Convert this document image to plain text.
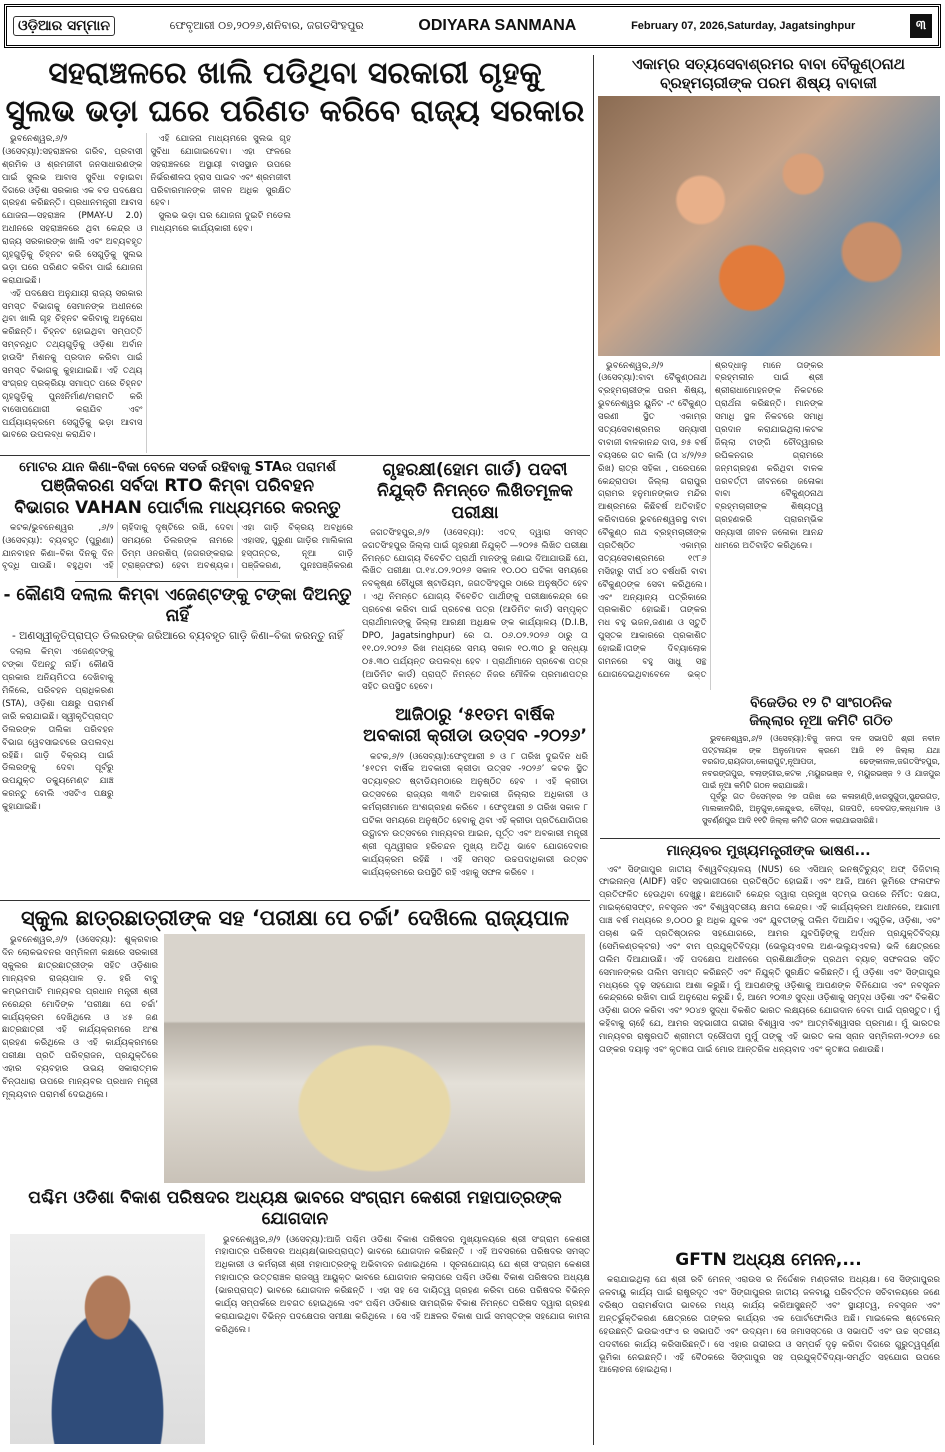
ଓଡ଼ିଆର ସମ୍ମାନ	ଫେବୃଆରୀ ୦୭,୨୦୨୬,ଶନିବାର, ଜଗତସିଂହପୁର	ODIYARA SANMANA	February 07, 2026,Saturday, Jagatsinghpur	୩
ସହରାଞ୍ଚଳରେ ଖାଲି ପଡିଥିବା ସରକାରୀ ଗୃହକୁ
ସୁଲଭ ଭଡ଼ା ଘରେ ପରିଣତ କରିବେ ରାଜ୍ୟ ସରକାର

ଭୁବନେଶ୍ୱର,୬/୨ (ଓସେବ୍ୟା):ସହରାଞ୍ଚଳର ଗରିବ, ପ୍ରବାସୀ ଶ୍ରମିକ ଓ ଶ୍ରମଜୀବୀ ଜନସାଧାରଣଙ୍କ ପାଇଁ ସୁଲଭ ଆବାସ ସୁବିଧା ବଢ଼ାଇବା ଦିଗରେ ଓଡ଼ିଶା ସରକାର ଏକ ବଡ ପଦକ୍ଷେପ ଗ୍ରହଣ କରିଛନ୍ତି। ପ୍ରଧାନମନ୍ତ୍ରୀ ଆବାସ ଯୋଜନା—ସହରାଞ୍ଚଳ (PMAY-U 2.0) ଅଧୀନରେ ସହରାଞ୍ଚଳରେ ଥିବା କେନ୍ଦ୍ର ଓ ରାଜ୍ୟ ସରକାରଙ୍କ ଖାଲି ଏବଂ ଅବ୍ୟବହୃତ ଗୃହଗୁଡ଼ିକୁ ଚିହ୍ନଟ କରି ସେଗୁଡ଼ିକୁ ସୁଲଭ ଭଡ଼ା ଘରେ ପରିଣତ କରିବା ପାଇଁ ଯୋଜନା କରାଯାଇଛି।

ଏହି ପଦକ୍ଷେପ ଅନୁଯାୟୀ ରାଜ୍ୟ ସରକାର ସମସ୍ତ ବିଭାଗକୁ ସେମାନଙ୍କ ଅଧୀନରେ ଥିବା ଖାଲି ଗୃହ ଚିହ୍ନଟ କରିବାକୁ ଅନୁରୋଧ କରିଛନ୍ତି। ଚିହ୍ନଟ ହୋଇଥିବା ସମ୍ପତ୍ତି ସମ୍ବନ୍ଧିତ ତଥ୍ୟଗୁଡ଼ିକୁ ଓଡ଼ିଶା ଅର୍ବାନ ହାଉସିଂ ମିଶନକୁ ପ୍ରଦାନ କରିବା ପାଇଁ ସମସ୍ତ ବିଭାଗକୁ କୁହାଯାଇଛି। ଏହି ତଥ୍ୟ ସଂଗ୍ରହ ପ୍ରକ୍ରିୟା ସମାପ୍ତ ପରେ ଚିହ୍ନଟ ଗୃହଗୁଡ଼ିକୁ ପୁନଃନିର୍ମାଣ/ମରାମତି କରି ବାସୋପଯୋଗୀ କରାଯିବ ଏବଂ ପର୍ଯ୍ୟାୟକ୍ରମେ ସେଗୁଡ଼ିକୁ ଭଡ଼ା ଆବାସ ଭାବରେ ଉପଲବ୍ଧ କରାଯିବ।

ଏହି ଯୋଜନା ମାଧ୍ୟମରେ ସୁଲଭ ଗୃହ ସୁବିଧା ଯୋଗାଇଦେବା। ଏହା ଫଳରେ ସହରାଞ୍ଚଳରେ ଅସ୍ଥାୟୀ ବାସସ୍ଥାନ ଉପରେ ନିର୍ଭରଶୀଳତା ହ୍ରାସ ପାଇବ ଏବଂ ଶ୍ରମଜୀବୀ ପରିବାରମାନଙ୍କ ଜୀବନ ଅଧିକ ସୁରକ୍ଷିତ ହେବ।

ସୁଲଭ ଭଡ଼ା ଘର ଯୋଜନା ଦୁଇଟି ମଡେଲ ମାଧ୍ୟମରେ କାର୍ଯ୍ୟକାରୀ ହେବ।

ମୋଟର ଯାନ କିଣା–ବିକା ବେଳେ ସତର୍କ ରହିବାକୁ STAର ପରାମର୍ଶ
ପଞ୍ଜିକରଣ ସର୍ବଦା RTO କିମ୍ବା ପରିବହନ
ବିଭାଗର VAHAN ପୋର୍ଟାଲ ମାଧ୍ୟମରେ କରନ୍ତୁ

କଟକ/ଭୁବନେଶ୍ୱର ,୬/୨ (ଓସେବ୍ୟା): ବ୍ୟବହୃତ (ପୁରୁଣା) ଯାନବାହନ କିଣା–ବିକା ଦିନକୁ ଦିନ ବୃଦ୍ଧି ପାଉଛି। ବହୁଥିବା ଏହି ଚାହିଦାକୁ ଦୃଷ୍ଟିରେ ରଖି, ଦେବା ସମୟରେ ଡିଲରଙ୍କ ନାମରେ ଡିମ୍ମ ଓନରଶିପ୍ (ଜଗରଙ୍କରାଇ ଟ୍ରାଞ୍ଜଫର) ହେବା ଅବଶ୍ୟକ। ଏହା ଗାଡ଼ି ବିକ୍ରୟ ଅବଧିରେ ଏହାସହ, ପୁରୁଣା ଗାଡ଼ିର ମାଲିକାନା ହସ୍ତାନ୍ତର, ନୂଆ ଗାଡ଼ି ପଞ୍ଜିକରଣ, ପୁନଃପଞ୍ଜିକରଣ

- କୌଣସି ଦଲାଲ କିମ୍ବା ଏଜେଣ୍ଟଙ୍କୁ ଟଙ୍କା ଦିଅନ୍ତୁ ନାହିଁ
- ଅଣସ୍ୱୀକୃତିପ୍ରାପ୍ତ ଡିଲରଙ୍କ ଜରିଆରେ ବ୍ୟବହୃତ ଗାଡ଼ି କିଣା–ବିକା କରନ୍ତୁ ନାହିଁ

ଦଲାଲ କିମ୍ବା ଏଜେଣ୍ଟଙ୍କୁ ଟଙ୍କା ଦିଅନ୍ତୁ ନାହିଁ। କୌଣସି ପ୍ରକାର ଅନିୟମିତତା ଦେଖିବାକୁ ମିଳିଲେ, ପରିବହନ ପ୍ରାଧିକରଣ (STA), ଓଡ଼ିଶା ପକ୍ଷରୁ ପରାମର୍ଶ ଜାରି କରାଯାଇଛି। ସ୍ୱୀକୃତିପ୍ରାପ୍ତ ଡିଲରଙ୍କ ତାଲିକା ପରିବହନ ବିଭାଗ ୱେବସାଇଟରେ ଉପଲବ୍ଧ ରହିଛି। ଗାଡ଼ି ବିକ୍ରୟ ପାଇଁ ଡିଲରଙ୍କୁ ଦେବା ପୂର୍ବରୁ ଉପଯୁକ୍ତ ଡକ୍ୟୁମେଣ୍ଟ ଯାଞ୍ଚ କରନ୍ତୁ ବୋଲି ଏସଟିଏ ପକ୍ଷରୁ କୁହାଯାଇଛି।

ଗୃହରକ୍ଷୀ(ହୋମ ଗାର୍ଡ) ପଦବୀ
ନିଯୁକ୍ତି ନିମନ୍ତେ ଲିଖିତମୂଳକ ପରୀକ୍ଷା

ଜଗତସିଂହପୁର,୬/୨ (ଓସେବ୍ୟା): ଏତଦ୍ ଦ୍ୱାରା ସମସ୍ତ ଜଗତସିଂହପୁର ଜିଲ୍ଲା ପାଇଁ ଗୃହରକ୍ଷୀ ନିଯୁକ୍ତି —୨୦୨୫ ଲିଖିତ ପରୀକ୍ଷା ନିମନ୍ତେ ଯୋଗ୍ୟ ବିବେଚିତ ପ୍ରାର୍ଥୀ ମାନଙ୍କୁ ଜଣାଇ ଦିଆଯାଉଛି ଯେ, ଲିଖିତ ପରୀକ୍ଷା ତା.୧୪.୦୨.୨୦୨୬ ସକାଳ ୧୦.୦୦ ଘଟିକା ସମୟରେ ନବକୃଷ୍ଣ ଚୌଧୁରୀ ଷ୍ଟାଡିୟମ, ଜଗତସିଂହପୁର ଠାରେ ଅନୁଷ୍ଠିତ ହେବ । ଏଥି ନିମନ୍ତେ ଯୋଗ୍ୟ ବିବେଚିତ ପାର୍ଥୀଙ୍କୁ ପରୀକ୍ଷାକେନ୍ଦ୍ର ରେ ପ୍ରବେଶ କରିବା ପାଇଁ ପ୍ରବେଶ ପତ୍ର (ଆଡିମିଟ କାର୍ଡ) ସମ୍ପୃକ୍ତ ପ୍ରାର୍ଥୀମାନଙ୍କୁ ଜିଲ୍ଲା ଆରକ୍ଷୀ ଅଧିକ୍ଷକ ଙ୍କ କାର୍ଯ୍ୟାଳୟ (D.I.B, DPO, Jagatsinghpur) ରେ ତା. ୦୬.୦୨.୨୦୨୬ ଠାରୁ ତା ୧୧.୦୨.୨୦୨୬ ରିଖ ମଧ୍ୟରେ ସମୟ ସକାଳ ୧୦.୩୦ ରୁ ସନ୍ଧ୍ୟା ୦୫.୩୦ ପର୍ଯ୍ୟନ୍ତ ଉପଲବ୍ଧ ହେବ । ପ୍ରାର୍ଥୀମାନେ ପ୍ରବେଶ ପତ୍ର (ଆଡିମିଟ କାର୍ଡ) ପ୍ରାପ୍ତି ନିମନ୍ତେ ନିଜର ମୌଳିକ ପ୍ରମାଣପତ୍ର ସହିତ ଉପସ୍ଥିତ ହେବେ।

ଆଜିଠାରୁ ‘୫୧ତମ ବାର୍ଷିକ
ଅବକାରୀ କ୍ରୀଡା ଉତ୍ସବ -୨୦୨୬’

କଟକ,୬/୨ (ଓସେବ୍ୟା):ଫେବୃଆରୀ ୭ ଓ ୮ ତାରିଖ ଦୁଇଦିନ ଧରି ‘୫୧ତମ ବାର୍ଷିକ ଅବକାରୀ କ୍ରୀଡା ଉତ୍ସବ -୨୦୨୬’ କଟକ ସ୍ଥିତ ସତ୍ୟାବ୍ରତ ଷ୍ଟାଡିୟମଠାରେ ଅନୁଷ୍ଠିତ ହେବ । ଏହି କ୍ରୀଡା ଉତ୍ସବରେ ରାଜ୍ୟର ୩୩ଟି ଅବକାରୀ ଜିଲ୍ଲାର ଅଧିକାରୀ ଓ କର୍ମଚାରୀମାନେ ଅଂଶଗ୍ରହଣ କରିବେ । ଫେବୃଆରୀ ୭ ତାରିଖ ସକାଳ ୮ ଘଟିକା ସମୟରେ ଅନୁଷ୍ଠିତ ହେବାକୁ ଥିବା ଏହି କ୍ରୀଡା ପ୍ରତିଯୋଗିତାର ଉଦ୍ଘାଟନ ଉତ୍ସବରେ ମାନ୍ୟବର ଆଇନ, ପୂର୍ତ୍ତ ଏବଂ ଅବକାରୀ ମନ୍ତ୍ରୀ ଶ୍ରୀ ପୃଥ୍ୱୀରାଜ ହରିଚନ୍ଦନ ମୁଖ୍ୟ ଅତିଥି ଭାବେ ଯୋଗଦେବାର କାର୍ଯ୍ୟକ୍ରମ ରହିଛି । ଏହି ସମସ୍ତ ଉଚ୍ଚପଦାଧିକାରୀ ଉତ୍ସବ କାର୍ଯ୍ୟକ୍ରମରେ ଉପସ୍ଥିତି ରହି ଏହାକୁ ସଫଳ କରିବେ ।

ଏକାମ୍ର ସତ୍ୟସେବାଶ୍ରମର ବାବା ବୈକୁଣ୍ଠନାଥ
ବ୍ରହ୍ମଚାରୀଙ୍କ ପରମ ଶିଷ୍ୟ ବାବାଜୀ

ଭୁବନେଶ୍ୱର,୬/୨ (ଓସେବ୍ୟା):ବାବା ବୈକୁଣ୍ଠନାଥ ବ୍ରହ୍ମଚାରୀଙ୍କ ପରମ ଶିଷ୍ୟ, ଭୁବନେଶ୍ୱର ୟୁନିଟ -୯ ବୈକୁଣ୍ଠ ସରଣୀ ସ୍ଥିତ ଏକାମ୍ର ସତ୍ୟସେବାଶ୍ରମର ସନ୍ୟାସୀ ବାବାଜୀ ବାଳକାନନ୍ଦ ଦାସ, ୭୫ ବର୍ଷ ବୟସରେ ଗତ କାଲି (ତା ୪/୨/୨୬ ରିଖ) ରାତ୍ର ସହିକା , ପରେପରେ କେନ୍ଦ୍ରାପଡା ଜିଲ୍ଲା ଗରାପୁର ଗ୍ରାମର ହନୁମାନଙ୍କାଡ ମନ୍ଦିର ଆଶ୍ରମରେ କିଛିବର୍ଷ ଅତିବାହିତ କରିବାପରେ ଭୁବନେଶ୍ୱରସ୍ଥ ବାବା ବୈକୁଣ୍ଠ ନାଥ ବ୍ରହ୍ମଚାରୀଙ୍କ ପ୍ରତିଷ୍ଠିତ ଏକାମ୍ର ସତ୍ୟସେବାଶ୍ରମରେ ୧୯୮୬ ମସିହାରୁ ଦୀର୍ଘ ୪୦ ବର୍ଷଧରି ବାବା ବୈକୁଣ୍ଠଙ୍କ ସେବା କରିଥିଲେ। ଏବଂ ଅନ୍ୟାନ୍ୟ ପତ୍ରିକାରେ ପ୍ରକାଶିତ ହୋଇଛି। ତାଙ୍କର ମଧ ବହୁ ଭଜନ,ଜଣାଣ ଓ ସ୍ତୁତି ପୁସ୍ତକ ଆକାରରେ ପ୍ରକାଶିତ ହୋଇଛି।ତାଙ୍କ ଦିବ୍ୟାଲୋକ ଗମନରେ ବହୁ ସାଧୁ ସନ୍ଥ ଯୋଗଦେଇଥିବାବେଳେ ଭକ୍ତ ଶ୍ରଦ୍ଧାଳୁ ମାନେ ତାଙ୍କର ବ୍ରହ୍ମଲୀନ ପାଇଁ ଶ୍ରୀ ଶ୍ରୀରାଧାମୋହନଙ୍କ ନିକଟରେ ପ୍ରାର୍ଥନା କରିଛନ୍ତି। ମାନଙ୍କ ସମାଧି ସ୍ଥଳ ନିକଟରେ ସମାଧି ପ୍ରଦାନ କରାଯାଇଥିଲା।କଟକ ଜିଲ୍ଲା ଟାଙ୍ଗି ଚୌଦ୍ୱାରର ରଘିକନଗର ଗ୍ରାମରେ ଜନ୍ମଗ୍ରହଣ କରିଥିବା ବାଳକ ପରବର୍ତ୍ତୀ ଜୀବନରେ ଜଳୋକା ବାବା ବୈକୁଣ୍ଠନାଥ ବ୍ରହ୍ମଚାରୀଙ୍କ ଶିଷ୍ୟତ୍ୱ ଗ୍ରହଣକରି ପ୍ରାରମ୍ଭିକ ସନ୍ୟାସୀ ଜୀବନ ଜଳୋକା ଆନନ୍ଦ ଧାମରେ ଅତିବାହିତ କରିଥିଲେ।

ବିଜେଡିର ୧୨ ଟି ସାଂଗଠନିକ
ଜିଲ୍ଲାର ନୂଆ କମିଟି ଗଠିତ

ଭୁବନେଶ୍ୱର,୬/୨ (ଓସେବ୍ୟା):ବିଜୁ ଜନତା ଦଳ ସଭାପତି ଶ୍ରୀ ନବୀନ ପଟ୍ଟନାୟକ ଙ୍କ ଅନୁମୋଦନ କ୍ରମେ ଆଜି ୧୨ ଜିଲ୍ଲା ଯଥା ବରଗଡ,ରାୟଗଡା,କୋରାପୁଟ,ନୂଆପଡା, ଢେଙ୍କାନାଳ,ଜଗତସିଂହପୁର, ନବରଙ୍ଗପୁର, ବଲାଙ୍ଗୀର,କଟକ ,ମୟୁରଭଞ୍ଜ ୧, ମୟୁରଭଞ୍ଜ ୨ ଓ ଯାଜପୁର ପାଇଁ ନୂଆ କମିଟି ଗଠନ କରାଯାଇଛି।

ପୂର୍ବରୁ ଗତ ଡିସେମ୍ବର ୨୭ ତାରିଖ ରେ କଳାହାଣ୍ଡି,ଝାରସୁଗୁଡା,ସୁନ୍ଦରଗଡ଼, ମାଲକାନଗିରି, ଅନୁଗୁଳ,କେନ୍ଦୁଝର, ବୌଦ୍ଧ, ଗଜପତି, ଦେବଗଡ଼,କନ୍ଧମାଳ ଓ ସୁବର୍ଣ୍ଣପୁର ଆଦି ୧୧ଟି ଜିଲ୍ଲା କମିଟି ଗଠନ କରାଯାଇସାରିଛି।

ମାନ୍ୟବର ମୁଖ୍ୟମନ୍ତ୍ରୀଙ୍କ ଭାଷଣ...

ଏବଂ ସିଙ୍ଗାପୁର ଜାତୀୟ ବିଶ୍ୱବିଦ୍ୟାଳୟ (NUS) ରେ ଏସିଆନ୍ ଇନଷ୍ଟିଚ୍ୟୁଟ୍ ଅଫ୍ ଡିଜିଟାଲ୍ ଫାଇନାନ୍ସ (AIDF) ସହିତ ସହଭାଗୀତାରେ ପ୍ରତିଷ୍ଠିତ ହୋଇଛି। ଏବଂ ଆଜି, ଆମେ ଭୂମିରେ ଫଳାଫଳ ପ୍ରତିଫଳିତ ହେଉଥିବା ଦେଖୁଛୁ। ଛଅଗୋଟି କେନ୍ଦ୍ର ଦ୍ୱାରା ପ୍ରମୁଖ ସ୍ତମ୍ଭ ଉପରେ ନିର୍ମିତ: ଦକ୍ଷତା, ମାଇକ୍ରୋସଫ୍ଟ, ନବସୃଜନ ଏବଂ ବିଶ୍ୱସ୍ତରୀୟ କ୍ଷମତା କେନ୍ଦ୍ର। ଏହି କାର୍ଯ୍ୟକ୍ରମ ଅଧୀନରେ, ଆଗାମୀ ପାଞ୍ଚ ବର୍ଷ ମଧ୍ୟରେ ୭,୦୦୦ ରୁ ଅଧିକ ଯୁବକ ଏବଂ ଯୁବତୀଙ୍କୁ ତାଲିମ ଦିଆଯିବ। ଏଗୁଡ଼ିକ, ଓଡ଼ିଶା, ଏବଂ ପଚାଶ ଭଳି ପ୍ରତିଷ୍ଠାନର ସହଯୋଗରେ, ଆମର ଯୁବପିଢ଼ିଙ୍କୁ ଅର୍ଦ୍ଧନ ପ୍ରଯୁକ୍ତିବିଦ୍ୟା (ସେମିକଣ୍ଡକ୍ଟର) ଏବଂ ବାମ ପ୍ରଯୁକ୍ତିବିଦ୍ୟା (ଭେଲ୍ୟୁଏବଲ ଅଣ-ଭଲ୍ୟୁଏବଲ) ଭଳି କ୍ଷେତ୍ରରେ ତାଲିମ ଦିଆଯାଉଛି। ଏହି ପଦକ୍ଷେପ ଅଧୀନରେ ପ୍ରଶିକ୍ଷାର୍ଥୀଙ୍କ ପ୍ରଥମ ବ୍ୟାଚ୍ ସଫଳତାର ସହିତ ସେମାନଙ୍କର ତାଲିମ ସମାପ୍ତ କରିଛନ୍ତି ଏବଂ ନିଯୁକ୍ତି ସୁରକ୍ଷିତ କରିଛନ୍ତି। ମୁଁ ଓଡ଼ିଶା ଏବଂ ସିଙ୍ଗାପୁର ମଧ୍ୟରେ ଦୃଢ଼ ସହଯୋଗ ଆଶା କରୁଛି। ମୁଁ ଆପଣଙ୍କୁ ଓଡ଼ିଶାକୁ ଆପଣଙ୍କ ବିନିଯୋଗ ଏବଂ ନବସୃଜନ କେନ୍ଦ୍ରରେ ରଖିବା ପାଇଁ ଅନୁରୋଧ କରୁଛି। ହଁ, ଆମେ ୨୦୩୬ ସୁଦ୍ଧା ଓଡ଼ିଶାକୁ ସମୃଦ୍ଧ ଓଡ଼ିଶା ଏବଂ ବିକଶିତ ଓଡ଼ିଶା ଗଠନ କରିବା ଏବଂ ୨୦୪୭ ସୁଦ୍ଧା ବିକଶିତ ଭାରତ ଲକ୍ଷ୍ୟରେ ଯୋଗଦାନ ଦେବା ପାଇଁ ପ୍ରସ୍ତୁତ। ମୁଁ କହିବାକୁ ଚାହେଁ ଯେ, ଆମର ସହଭାଗୀତା ଗଭୀର ବିଶ୍ୱାସ ଏବଂ ଆତ୍ମବିଶ୍ୱାସର ପ୍ରମାଣ। ମୁଁ ଭାରତର ମାନ୍ୟବର ରାଷ୍ଟ୍ରପତି ଶ୍ରୀମତୀ ଦ୍ରୌପଦୀ ମୁର୍ମୁ ତାଙ୍କୁ ଏହି ଭାରତ କଳା ସ୍ନାନ ସମ୍ମିଳନୀ-୨୦୨୬ ରେ ତାଙ୍କର ଦୟାଳୁ ଏବଂ କୃତଜ୍ଞତା ପାଇଁ ମୋର ଆନ୍ତରିକ ଧନ୍ୟବାଦ ଏବଂ କୃତଜ୍ଞତା ଜଣାଉଛି।

GFTN ଅଧ୍ୟକ୍ଷ ମେନନ,...

କରାଯାଇଥିଲା ଯେ ଶ୍ରୀ ରବି ମେନନ୍ ଏରାଉସ ର ନିର୍ଦ୍ଦେଶକ ମଣ୍ଡଳୀର ଅଧ୍ୟକ୍ଷ। ସେ ସିଙ୍ଗାପୁରର ଜଳବାୟୁ କାର୍ଯ୍ୟ ପାଇଁ ରାଷ୍ଟ୍ରଦୂତ ଏବଂ ସିଙ୍ଗାପୁରର ଜାତୀୟ ଜଳବାୟୁ ପରିବର୍ତ୍ତନ ସଚିବାଳୟରେ ଜଣେ ବରିଷ୍ଠ ପରାମର୍ଶଦାତା ଭାବରେ ମଧ୍ୟ କାର୍ଯ୍ୟ କରିଆସୁଛନ୍ତି ଏବଂ ସ୍ଥାୟୀତ୍ୱ, ନବସୃଜନ ଏବଂ ଅନ୍ତର୍ଭୁକ୍ତିକରଣ କ୍ଷେତ୍ରରେ ତାଙ୍କର କାର୍ଯ୍ୟର ଏକ ପୋର୍ଟଫୋଲିଓ ଅଛି। ମାଇକେଲ ଷ୍ଟେଲେନ୍ ହେଉଛନ୍ତି ଇଉଇଏଫଏ ର ସଭାପତି ଏବଂ ଉଦ୍ୟମ। ସେ ଜମାସସ୍ତରେ ଓ ସଭାପତି ଏବଂ ଉଚ୍ଚ ସ୍ତରୀୟ ପଦବୀରେ କାର୍ଯ୍ୟ କରିସାରିଛନ୍ତି। ସେ ଏହାର ଗଭୀରତା ଓ ସମ୍ପର୍କ ଦୃଢ଼ କରିବା ଦିଗରେ ଗୁରୁତ୍ୱପୂର୍ଣ୍ଣ ଭୂମିକା ନେଇଛନ୍ତି। ଏହି ବୈଠକରେ ସିଙ୍ଗାପୁର ସହ ପ୍ରଯୁକ୍ତିବିଦ୍ୟା-ସମର୍ଥିତ ସହଯୋଗ ଉପରେ ଆଲୋଚନା ହୋଇଥିଲା।

ସ୍କୁଲ ଛାତ୍ରଛାତ୍ରୀଙ୍କ ସହ ‘ପରୀକ୍ଷା ପେ ଚର୍ଚ୍ଚା’ ଦେଖିଲେ ରାଜ୍ୟପାଳ

ଭୁବନେଶ୍ୱର,୬/୨ (ଓସେବ୍ୟା): ଶୁକ୍ରବାର ଦିନ ଲୋକଭବନର ସମ୍ମିଳନୀ କକ୍ଷରେ ସରକାରୀ ସ୍କୁଲର ଛାତ୍ରଛାତ୍ରୀଙ୍କ ସହିତ ଓଡ଼ିଶାର ମାନ୍ୟବର ରାଜ୍ୟପାଳ ଡ଼. ହରି ବାବୁ କମ୍ଭମପାଟି ମାନ୍ୟବର ପ୍ରଧାନ ମନ୍ତ୍ରୀ ଶ୍ରୀ ନରେନ୍ଦ୍ର ମୋଦିଙ୍କ ‘ପରୀକ୍ଷା ପେ ଚର୍ଚ୍ଚା’ କାର୍ଯ୍ୟକ୍ରମ ଦେଖିଥିଲେ ଓ ୪୫ ଜଣ ଛାତ୍ରଛାତ୍ରୀ ଏହି କାର୍ଯ୍ୟକ୍ରମରେ ଅଂଶ ଗ୍ରହଣ କରିଥିଲେ ଓ ଏହି କାର୍ଯ୍ୟକ୍ରମରେ ପରୀକ୍ଷା ପ୍ରତି ପରିବ୍ରାଜନ, ପ୍ରଯୁକ୍ତିରେ ଏହାର ବ୍ୟବହାର ଉଭୟ ସକାରାତ୍ମକ ଚିନ୍ତାଧାରା ଉପରେ ମାନ୍ୟବର ପ୍ରଧାନ ମନ୍ତ୍ରୀ ମୂଲ୍ୟବାନ ପରାମର୍ଶ ଦେଇଥିଲେ।

ପଶ୍ଚିମ ଓଡିଶା ବିକାଶ ପରିଷଦର ଅଧ୍ୟକ୍ଷ ଭାବରେ ସଂଗ୍ରାମ କେଶରୀ ମହାପାତ୍ରଙ୍କ ଯୋଗଦାନ

ଭୁବନେଶ୍ୱର,୬/୨ (ଓସେବ୍ୟା):ଆଜି ପଶ୍ଚିମ ଓଡିଶା ବିକାଶ ପରିଷଦର ମୁଖ୍ୟାଳୟରେ ଶ୍ରୀ ସଂଗ୍ରାମ କେଶରୀ ମହାପାତ୍ର ପରିଷଦର ଅଧ୍ୟକ୍ଷ(ଭାରପ୍ରାପ୍ତ) ଭାବରେ ଯୋଗଦାନ କରିଛନ୍ତି । ଏହି ଅବସରରେ ପରିଷଦର ସମସ୍ତ ଅଧିକାରୀ ଓ କର୍ମଚାରୀ ଶ୍ରୀ ମହାପାତ୍ରଙ୍କୁ ଅଭିବାଦନ ଜଣାଇଥିଲେ । ସୂଚନାଯୋଗ୍ୟ ଯେ ଶ୍ରୀ ସଂଗ୍ରାମ କେଶରୀ ମହାପାତ୍ର ଉତ୍ତରାଞ୍ଚଳ ରାଜସ୍ୱ ଆୟୁକ୍ତ ଭାବରେ ଯୋଗଦାନ କଲାପରେ ପଶ୍ଚିମ ଓଡିଶା ବିକାଶ ପରିଷଦର ଅଧ୍ୟକ୍ଷ (ଭାରପ୍ରାପ୍ତ) ଭାବରେ ଯୋଗଦାନ କରିଛନ୍ତି । ଏହା ସହ ସେ ଦାୟିତ୍ୱ ଗ୍ରହଣ କରିବା ପରେ ପରିଷଦର ବିଭିନ୍ନ କାର୍ଯ୍ୟ ସମ୍ପର୍କରେ ଅବଗତ ହୋଇଥିଲେ ଏବଂ ପଶ୍ଚିମ ଓଡିଶାର ସାମଗ୍ରିକ ବିକାଶ ନିମନ୍ତେ ପରିଷଦ ଦ୍ୱାରା ଗ୍ରହଣ କରାଯାଇଥିବା ବିଭିନ୍ନ ପଦକ୍ଷେପର ସମୀକ୍ଷା କରିଥିଲେ । ସେ ଏହି ଅଞ୍ଚଳର ବିକାଶ ପାଇଁ ସମସ୍ତଙ୍କ ସହଯୋଗ କାମନା କରିଥିଲେ।
